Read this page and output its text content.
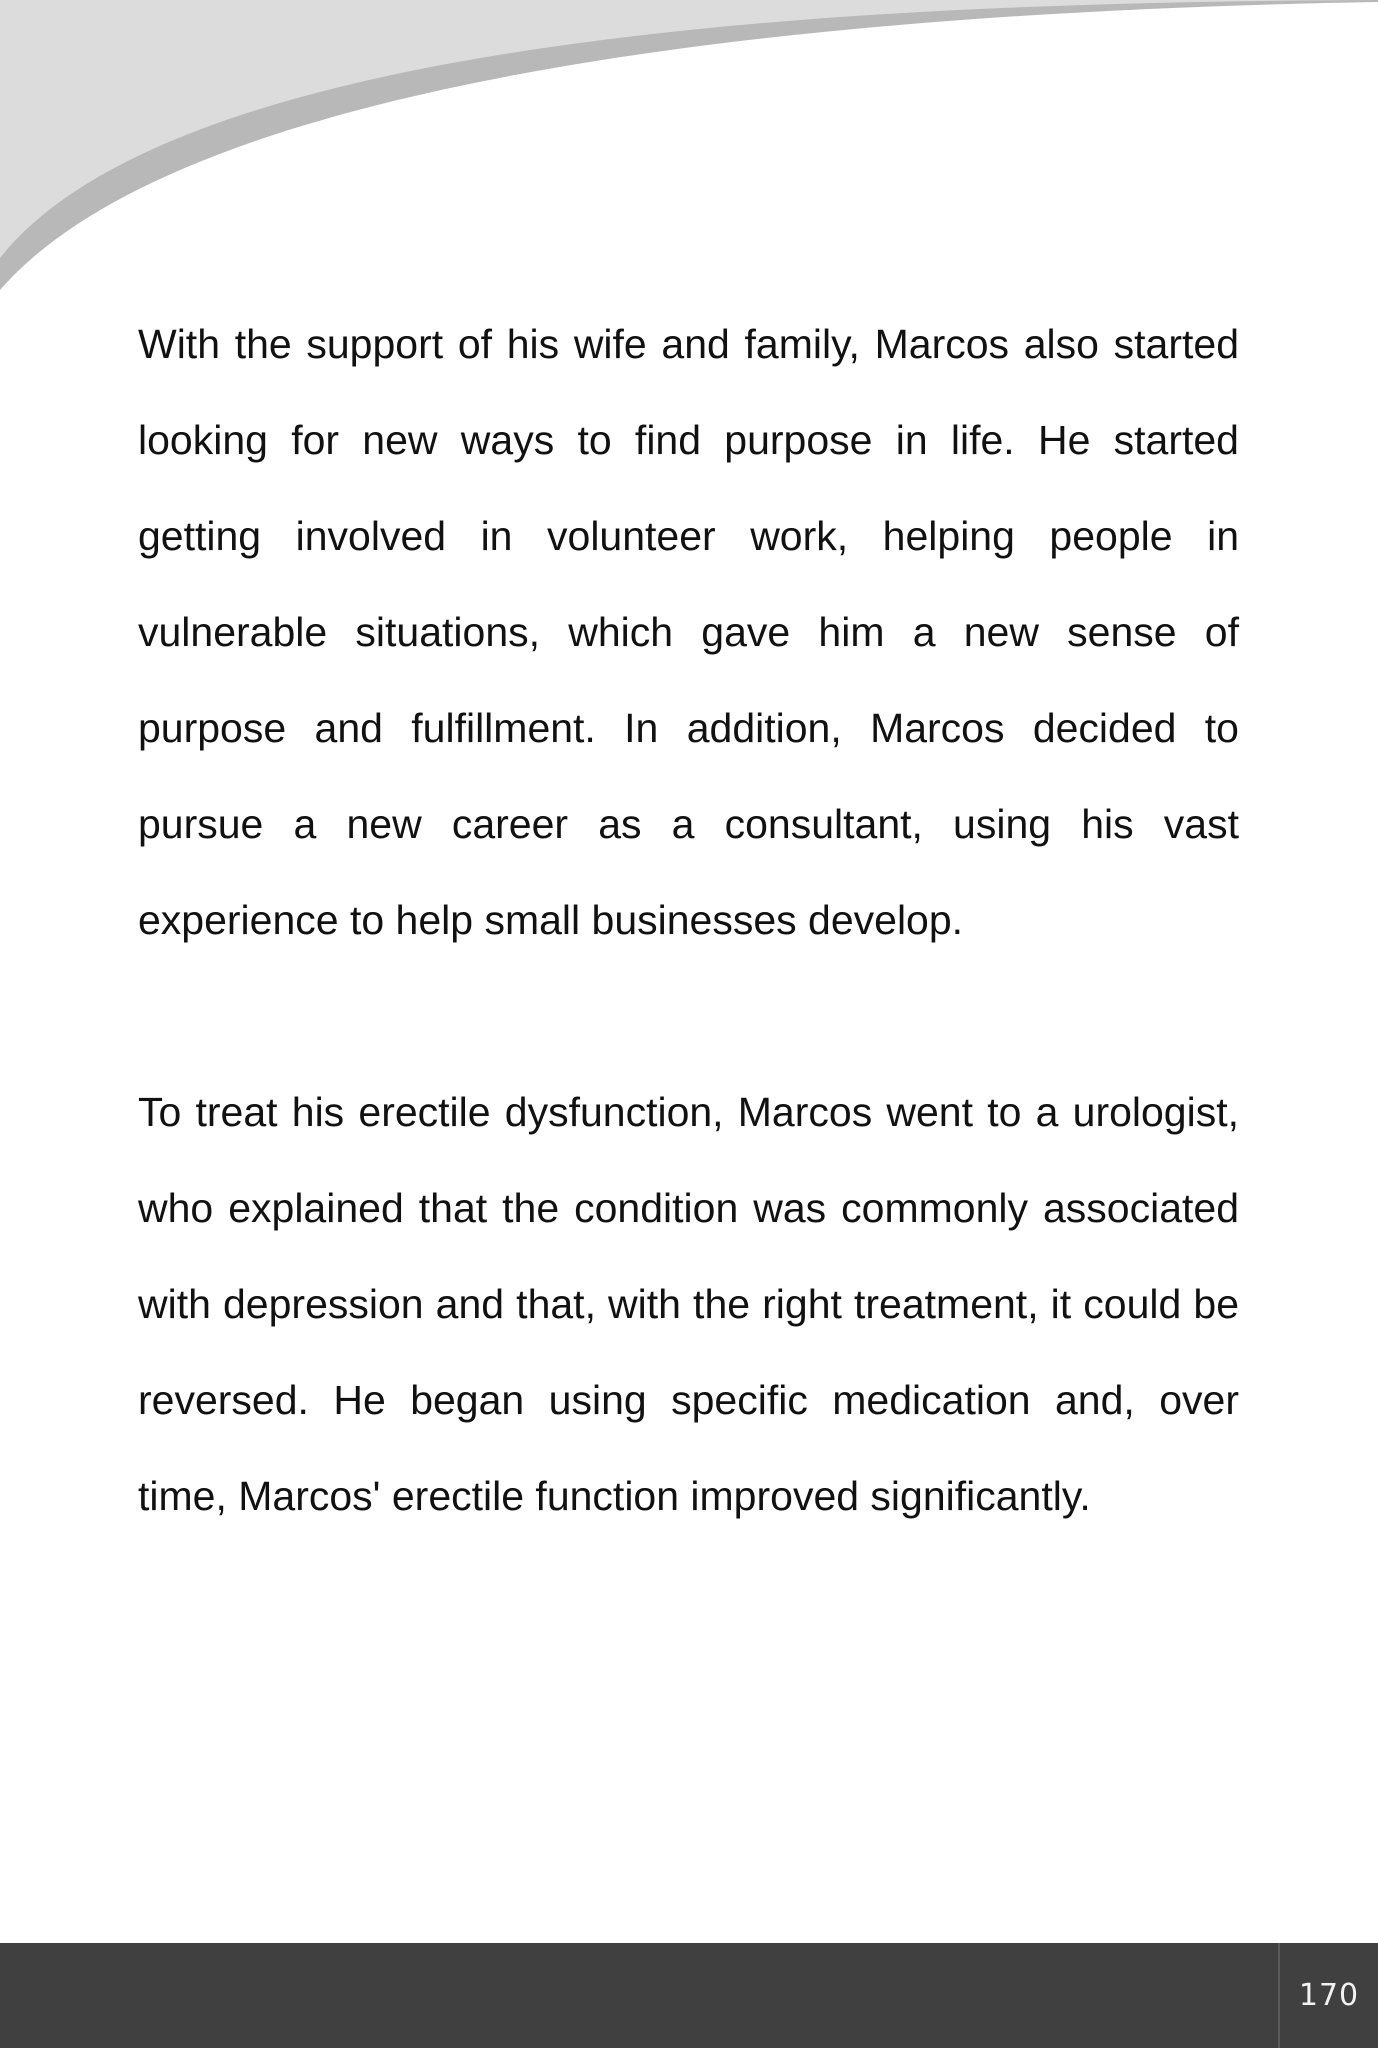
With the support of his wife and family, Marcos also started looking for new ways to find purpose in life. He started getting involved in volunteer work, helping people in vulnerable situations, which gave him a new sense of purpose and fulfillment. In addition, Marcos decided to pursue a new career as a consultant, using his vast experience to help small businesses develop.

To treat his erectile dysfunction, Marcos went to a urologist, who explained that the condition was commonly associated with depression and that, with the right treatment, it could be reversed. He began using specific medication and, over time, Marcos' erectile function improved significantly.

170
